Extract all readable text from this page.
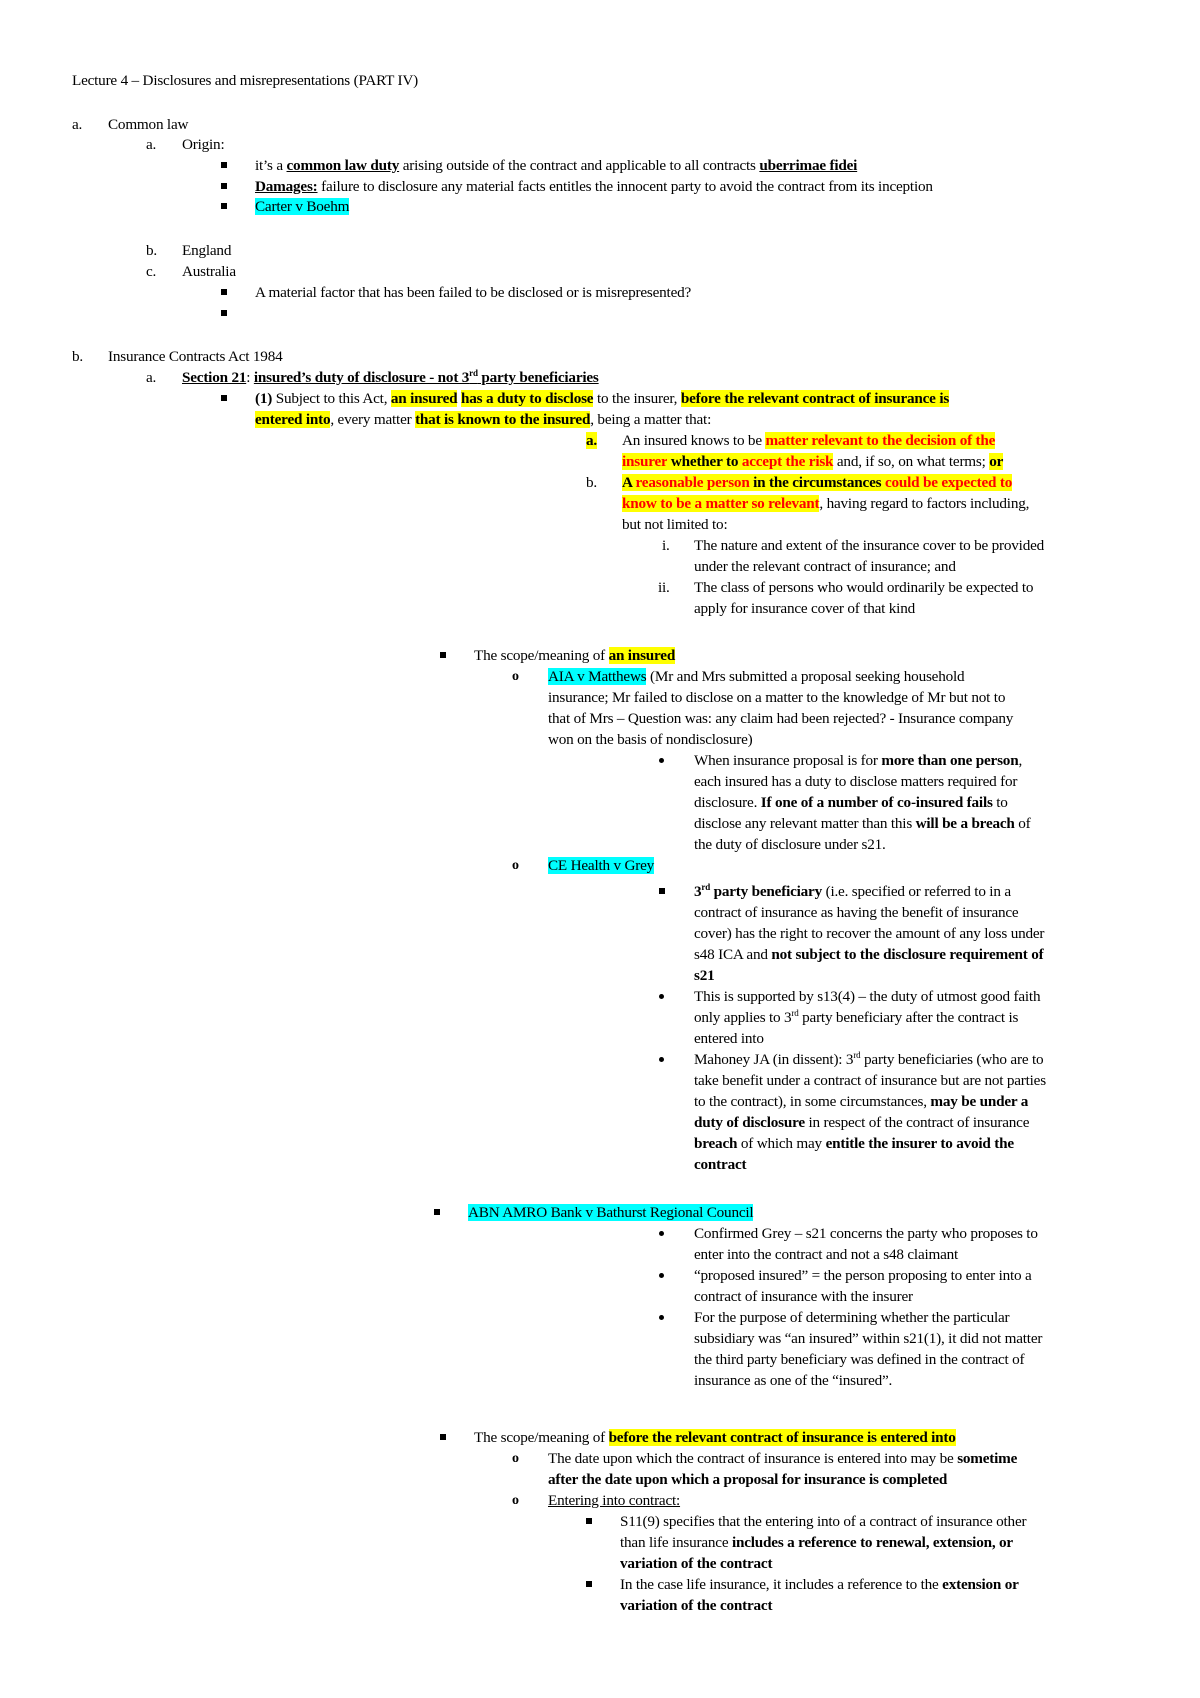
Lecture 4 – Disclosures and misrepresentations (PART IV)
a. Common law
a. Origin:
it’s a common law duty arising outside of the contract and applicable to all contracts uberrimae fidei
Damages: failure to disclosure any material facts entitles the innocent party to avoid the contract from its inception
Carter v Boehm
b. England
c. Australia
A material factor that has been failed to be disclosed or is misrepresented?
b. Insurance Contracts Act 1984
a. Section 21: insured’s duty of disclosure - not 3rd party beneficiaries
(1) Subject to this Act, an insured has a duty to disclose to the insurer, before the relevant contract of insurance is
entered into, every matter that is known to the insured, being a matter that:
a. An insured knows to be matter relevant to the decision of the
insurer whether to accept the risk and, if so, on what terms; or
b. A reasonable person in the circumstances could be expected to
know to be a matter so relevant, having regard to factors including,
but not limited to:
i. The nature and extent of the insurance cover to be provided
under the relevant contract of insurance; and
ii. The class of persons who would ordinarily be expected to
apply for insurance cover of that kind
The scope/meaning of an insured
o AIA v Matthews (Mr and Mrs submitted a proposal seeking household
insurance; Mr failed to disclose on a matter to the knowledge of Mr but not to
that of Mrs – Question was: any claim had been rejected? - Insurance company
won on the basis of nondisclosure)
When insurance proposal is for more than one person,
each insured has a duty to disclose matters required for
disclosure. If one of a number of co-insured fails to
disclose any relevant matter than this will be a breach of
the duty of disclosure under s21.
o CE Health v Grey
3rd party beneficiary (i.e. specified or referred to in a
contract of insurance as having the benefit of insurance
cover) has the right to recover the amount of any loss under
s48 ICA and not subject to the disclosure requirement of
s21
This is supported by s13(4) – the duty of utmost good faith
only applies to 3rd party beneficiary after the contract is
entered into
Mahoney JA (in dissent): 3rd party beneficiaries (who are to
take benefit under a contract of insurance but are not parties
to the contract), in some circumstances, may be under a
duty of disclosure in respect of the contract of insurance
breach of which may entitle the insurer to avoid the
contract
ABN AMRO Bank v Bathurst Regional Council
Confirmed Grey – s21 concerns the party who proposes to
enter into the contract and not a s48 claimant
“proposed insured” = the person proposing to enter into a
contract of insurance with the insurer
For the purpose of determining whether the particular
subsidiary was “an insured” within s21(1), it did not matter
the third party beneficiary was defined in the contract of
insurance as one of the “insured”.
The scope/meaning of before the relevant contract of insurance is entered into
o The date upon which the contract of insurance is entered into may be sometime
after the date upon which a proposal for insurance is completed
o Entering into contract:
S11(9) specifies that the entering into of a contract of insurance other
than life insurance includes a reference to renewal, extension, or
variation of the contract
In the case life insurance, it includes a reference to the extension or
variation of the contract
